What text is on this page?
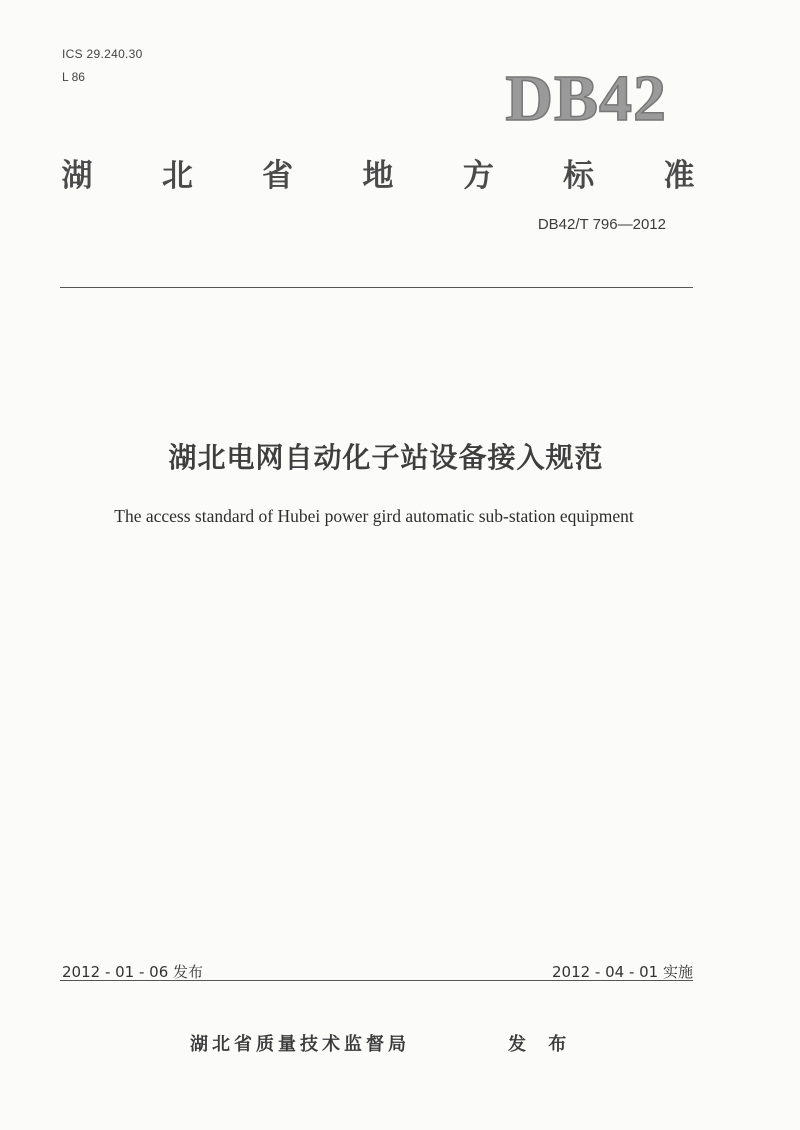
ICS 29.240.30
L 86	DB42
湖 北 省 地 方 标 准
DB42/T 796—2012
湖北电网自动化子站设备接入规范
The access standard of Hubei power gird automatic sub-station equipment
2012 - 01 - 06 发布	2012 - 04 - 01 实施
湖北省质量技术监督局	发 布
